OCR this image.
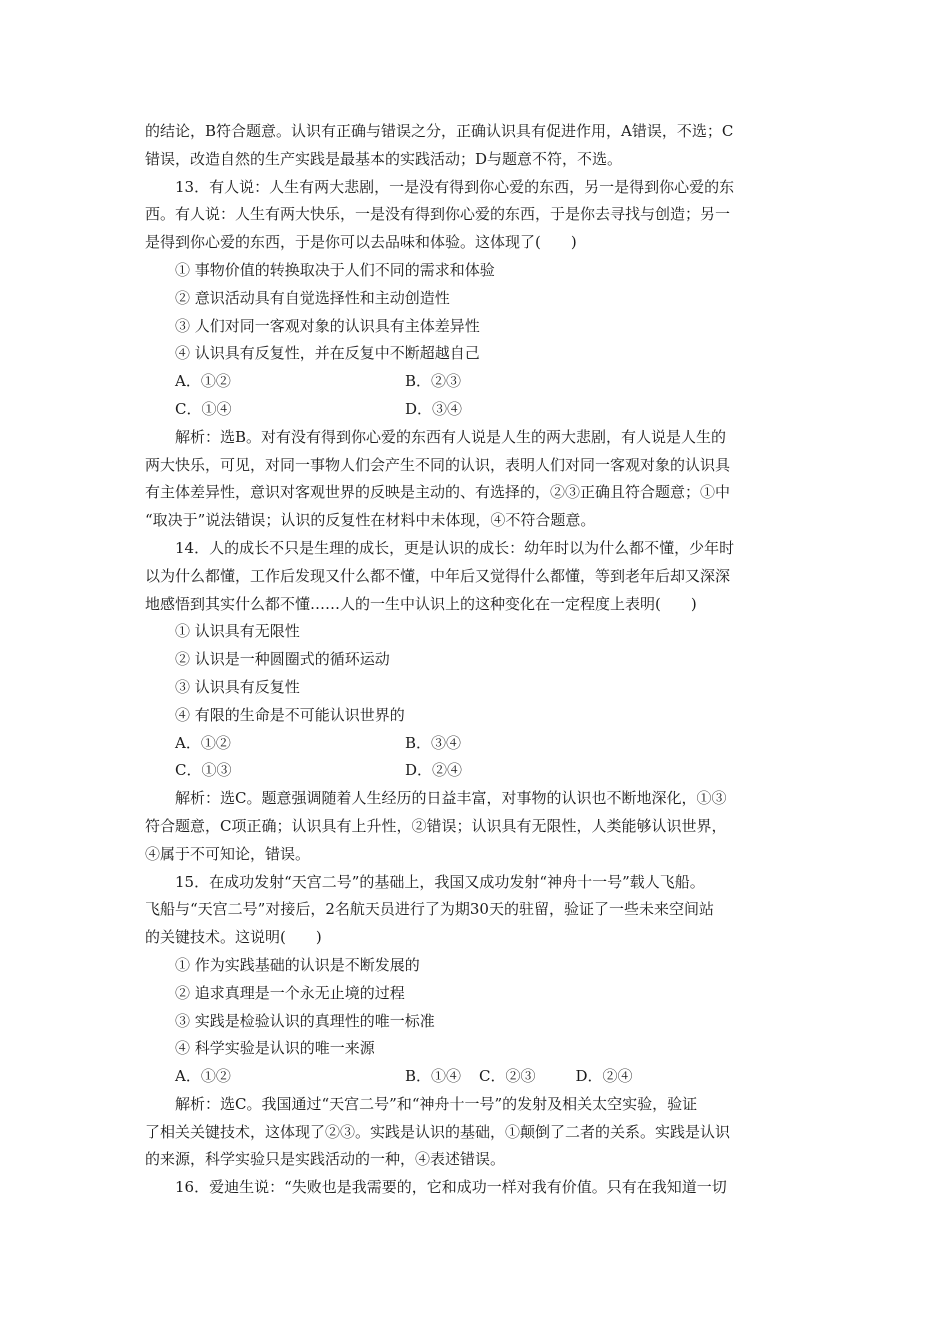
的结论，B符合题意。认识有正确与错误之分，正确认识具有促进作用，A错误，不选；C
错误，改造自然的生产实践是最基本的实践活动；D与题意不符，不选。
13．有人说：人生有两大悲剧，一是没有得到你心爱的东西，另一是得到你心爱的东
西。有人说：人生有两大快乐，一是没有得到你心爱的东西，于是你去寻找与创造；另一
是得到你心爱的东西，于是你可以去品味和体验。这体现了(　　)
① 事物价值的转换取决于人们不同的需求和体验
② 意识活动具有自觉选择性和主动创造性
③ 人们对同一客观对象的认识具有主体差异性
④ 认识具有反复性，并在反复中不断超越自己
A．①②	B．②③
C．①④	D．③④
解析：选B。对有没有得到你心爱的东西有人说是人生的两大悲剧，有人说是人生的
两大快乐，可见，对同一事物人们会产生不同的认识，表明人们对同一客观对象的认识具
有主体差异性，意识对客观世界的反映是主动的、有选择的，②③正确且符合题意；①中
“取决于”说法错误；认识的反复性在材料中未体现，④不符合题意。
14．人的成长不只是生理的成长，更是认识的成长：幼年时以为什么都不懂，少年时
以为什么都懂，工作后发现又什么都不懂，中年后又觉得什么都懂，等到老年后却又深深
地感悟到其实什么都不懂……人的一生中认识上的这种变化在一定程度上表明(　　)
① 认识具有无限性
② 认识是一种圆圈式的循环运动
③ 认识具有反复性
④ 有限的生命是不可能认识世界的
A．①②	B．③④
C．①③	D．②④
解析：选C。题意强调随着人生经历的日益丰富，对事物的认识也不断地深化，①③
符合题意，C项正确；认识具有上升性，②错误；认识具有无限性，人类能够认识世界，
④属于不可知论，错误。
15．在成功发射“天宫二号”的基础上，我国又成功发射“神舟十一号”载人飞船。
飞船与“天宫二号”对接后，2名航天员进行了为期30天的驻留，验证了一些未来空间站
的关键技术。这说明(　　)
① 作为实践基础的认识是不断发展的
② 追求真理是一个永无止境的过程
③ 实践是检验认识的真理性的唯一标准
④ 科学实验是认识的唯一来源
A．①②	B．①④ C．②③	D．②④
解析：选C。我国通过“天宫二号”和“神舟十一号”的发射及相关太空实验，验证
了相关关键技术，这体现了②③。实践是认识的基础，①颠倒了二者的关系。实践是认识
的来源，科学实验只是实践活动的一种，④表述错误。
16．爱迪生说：“失败也是我需要的，它和成功一样对我有价值。只有在我知道一切
